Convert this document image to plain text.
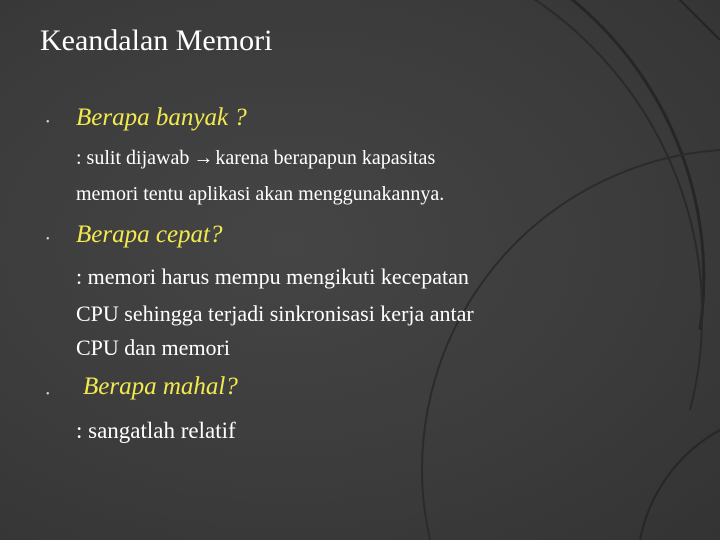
Keandalan Memori
• Berapa banyak ?
: sulit dijawab → karena berapapun kapasitas
memori tentu aplikasi akan menggunakannya.
• Berapa cepat?
: memori harus mempu mengikuti kecepatan
CPU sehingga terjadi sinkronisasi kerja antar
CPU dan memori
• Berapa mahal?
: sangatlah relatif
